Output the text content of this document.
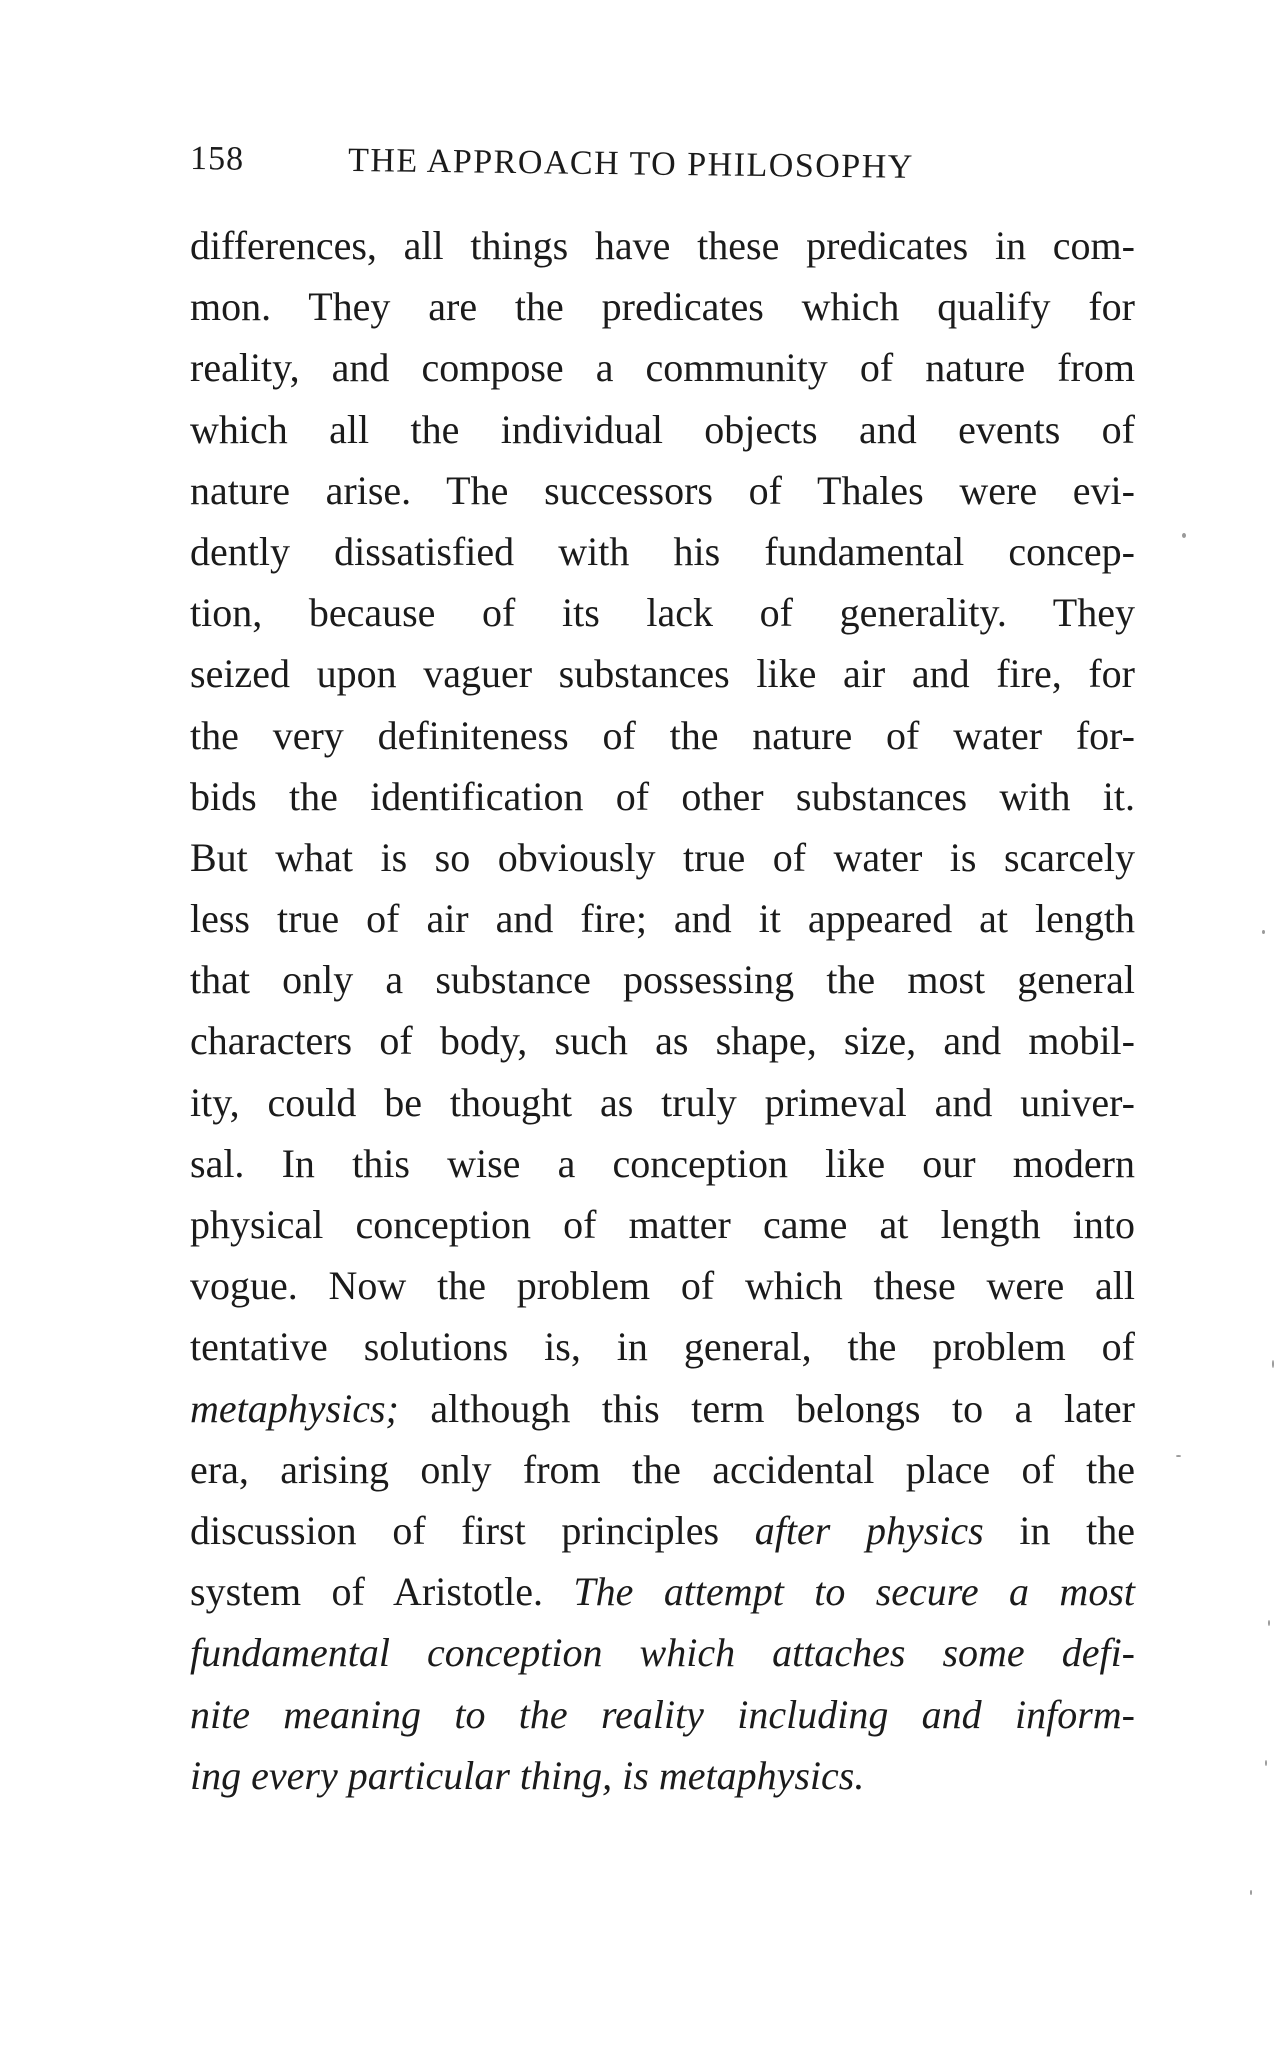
158	THE APPROACH TO PHILOSOPHY
differences, all things have these predicates in com-
mon. They are the predicates which qualify for
reality, and compose a community of nature from
which all the individual objects and events of
nature arise. The successors of Thales were evi-
dently dissatisfied with his fundamental concep-
tion, because of its lack of generality. They
seized upon vaguer substances like air and fire, for
the very definiteness of the nature of water for-
bids the identification of other substances with it.
But what is so obviously true of water is scarcely
less true of air and fire; and it appeared at length
that only a substance possessing the most general
characters of body, such as shape, size, and mobil-
ity, could be thought as truly primeval and univer-
sal. In this wise a conception like our modern
physical conception of matter came at length into
vogue. Now the problem of which these were all
tentative solutions is, in general, the problem of
metaphysics; although this term belongs to a later
era, arising only from the accidental place of the
discussion of first principles after physics in the
system of Aristotle. The attempt to secure a most
fundamental conception which attaches some defi-
nite meaning to the reality including and inform-
ing every particular thing, is metaphysics.
